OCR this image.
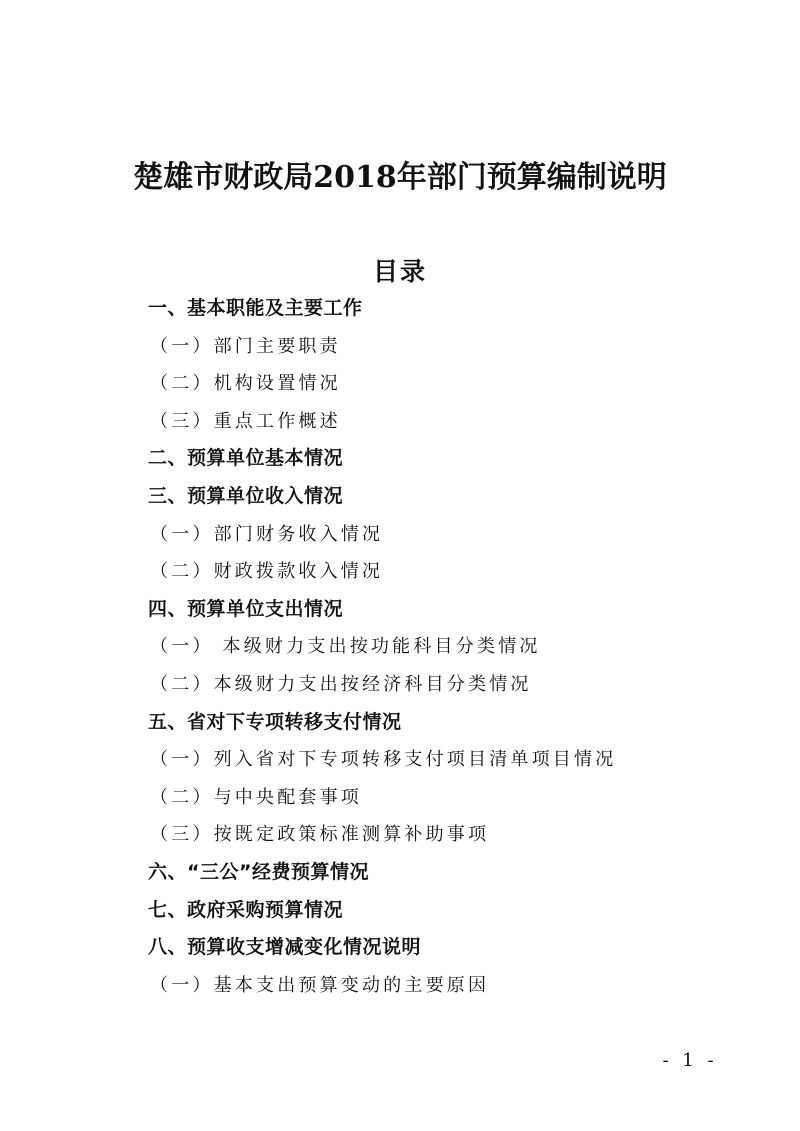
楚雄市财政局2018年部门预算编制说明
目录
一、基本职能及主要工作
（一）部门主要职责
（二）机构设置情况
（三）重点工作概述
二、预算单位基本情况
三、预算单位收入情况
（一）部门财务收入情况
（二）财政拨款收入情况
四、预算单位支出情况
（一） 本级财力支出按功能科目分类情况
（二）本级财力支出按经济科目分类情况
五、省对下专项转移支付情况
（一）列入省对下专项转移支付项目清单项目情况
（二）与中央配套事项
（三）按既定政策标准测算补助事项
六、“三公”经费预算情况
七、政府采购预算情况
八、预算收支增减变化情况说明
（一）基本支出预算变动的主要原因
- 1 -
